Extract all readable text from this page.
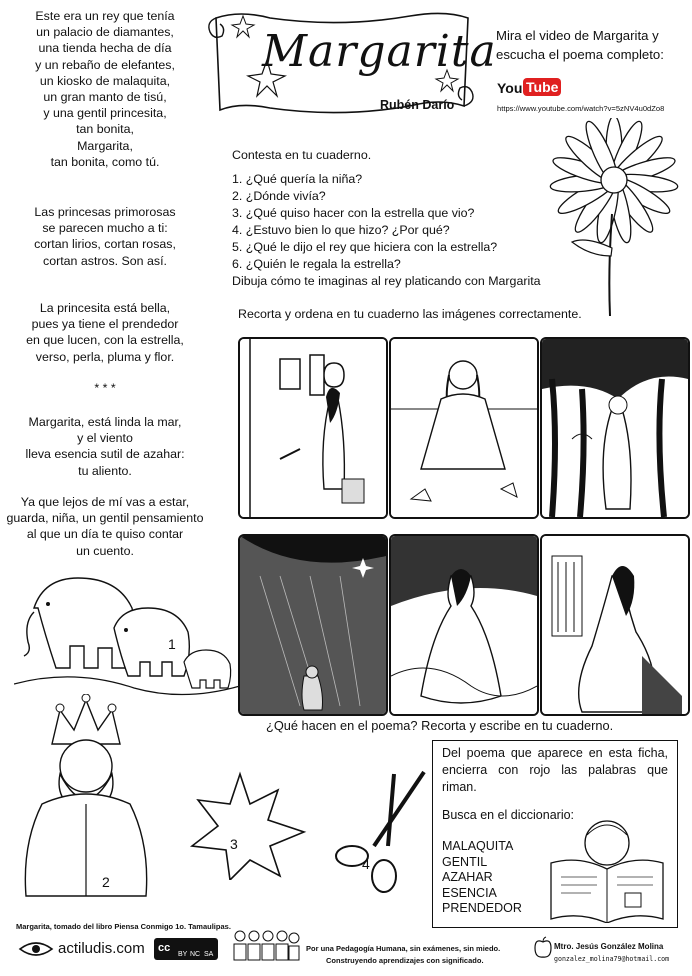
Este era un rey que tenía
un palacio de diamantes,
una tienda hecha de día
y un rebaño de elefantes,
un kiosko de malaquita,
un gran manto de tisú,
y una gentil princesita,
tan bonita,
Margarita,
tan bonita, como tú.
Las princesas primorosas
se parecen mucho a ti:
cortan lirios, cortan rosas,
cortan astros. Son así.
La princesita está bella,
pues ya tiene el prendedor
en que lucen, con la estrella,
verso, perla, pluma y flor.
* * *
Margarita, está linda la mar,
y el viento
lleva esencia sutil de azahar:
tu aliento.
Ya que lejos de mí vas a estar,
guarda, niña, un gentil pensamiento
al que un día te quiso contar
un cuento.
Margarita
Rubén Darío
Mira el video de Margarita y
escucha el poema completo:
You Tube
https://www.youtube.com/watch?v=5zNV4u0dZo8
Contesta en tu cuaderno.
1. ¿Qué quería la niña?
2. ¿Dónde vivía?
3. ¿Qué quiso hacer con la estrella que vio?
4. ¿Estuvo bien lo que hizo? ¿Por qué?
5. ¿Qué le dijo el rey que hiciera con la estrella?
6. ¿Quién le regala la estrella?
Dibuja cómo te imaginas al rey platicando con Margarita
Recorta y ordena en tu cuaderno las imágenes correctamente.
¿Qué hacen en el poema? Recorta y escribe en tu cuaderno.
1
2
3
4

Del poema que aparece en esta ficha, encierra con rojo las palabras que riman.

Busca en el diccionario:

MALAQUITA
GENTIL
AZAHAR
ESENCIA
PRENDEDOR
Margarita, tomado del libro Piensa Conmigo 1o. Tamaulipas.
actiludis.com cc
BY NC SA
Por una Pedagogía Humana, sin exámenes, sin miedo.
Construyendo aprendizajes con significado.
Mtro. Jesús González Molina
gonzalez_molina79@hotmail.com
